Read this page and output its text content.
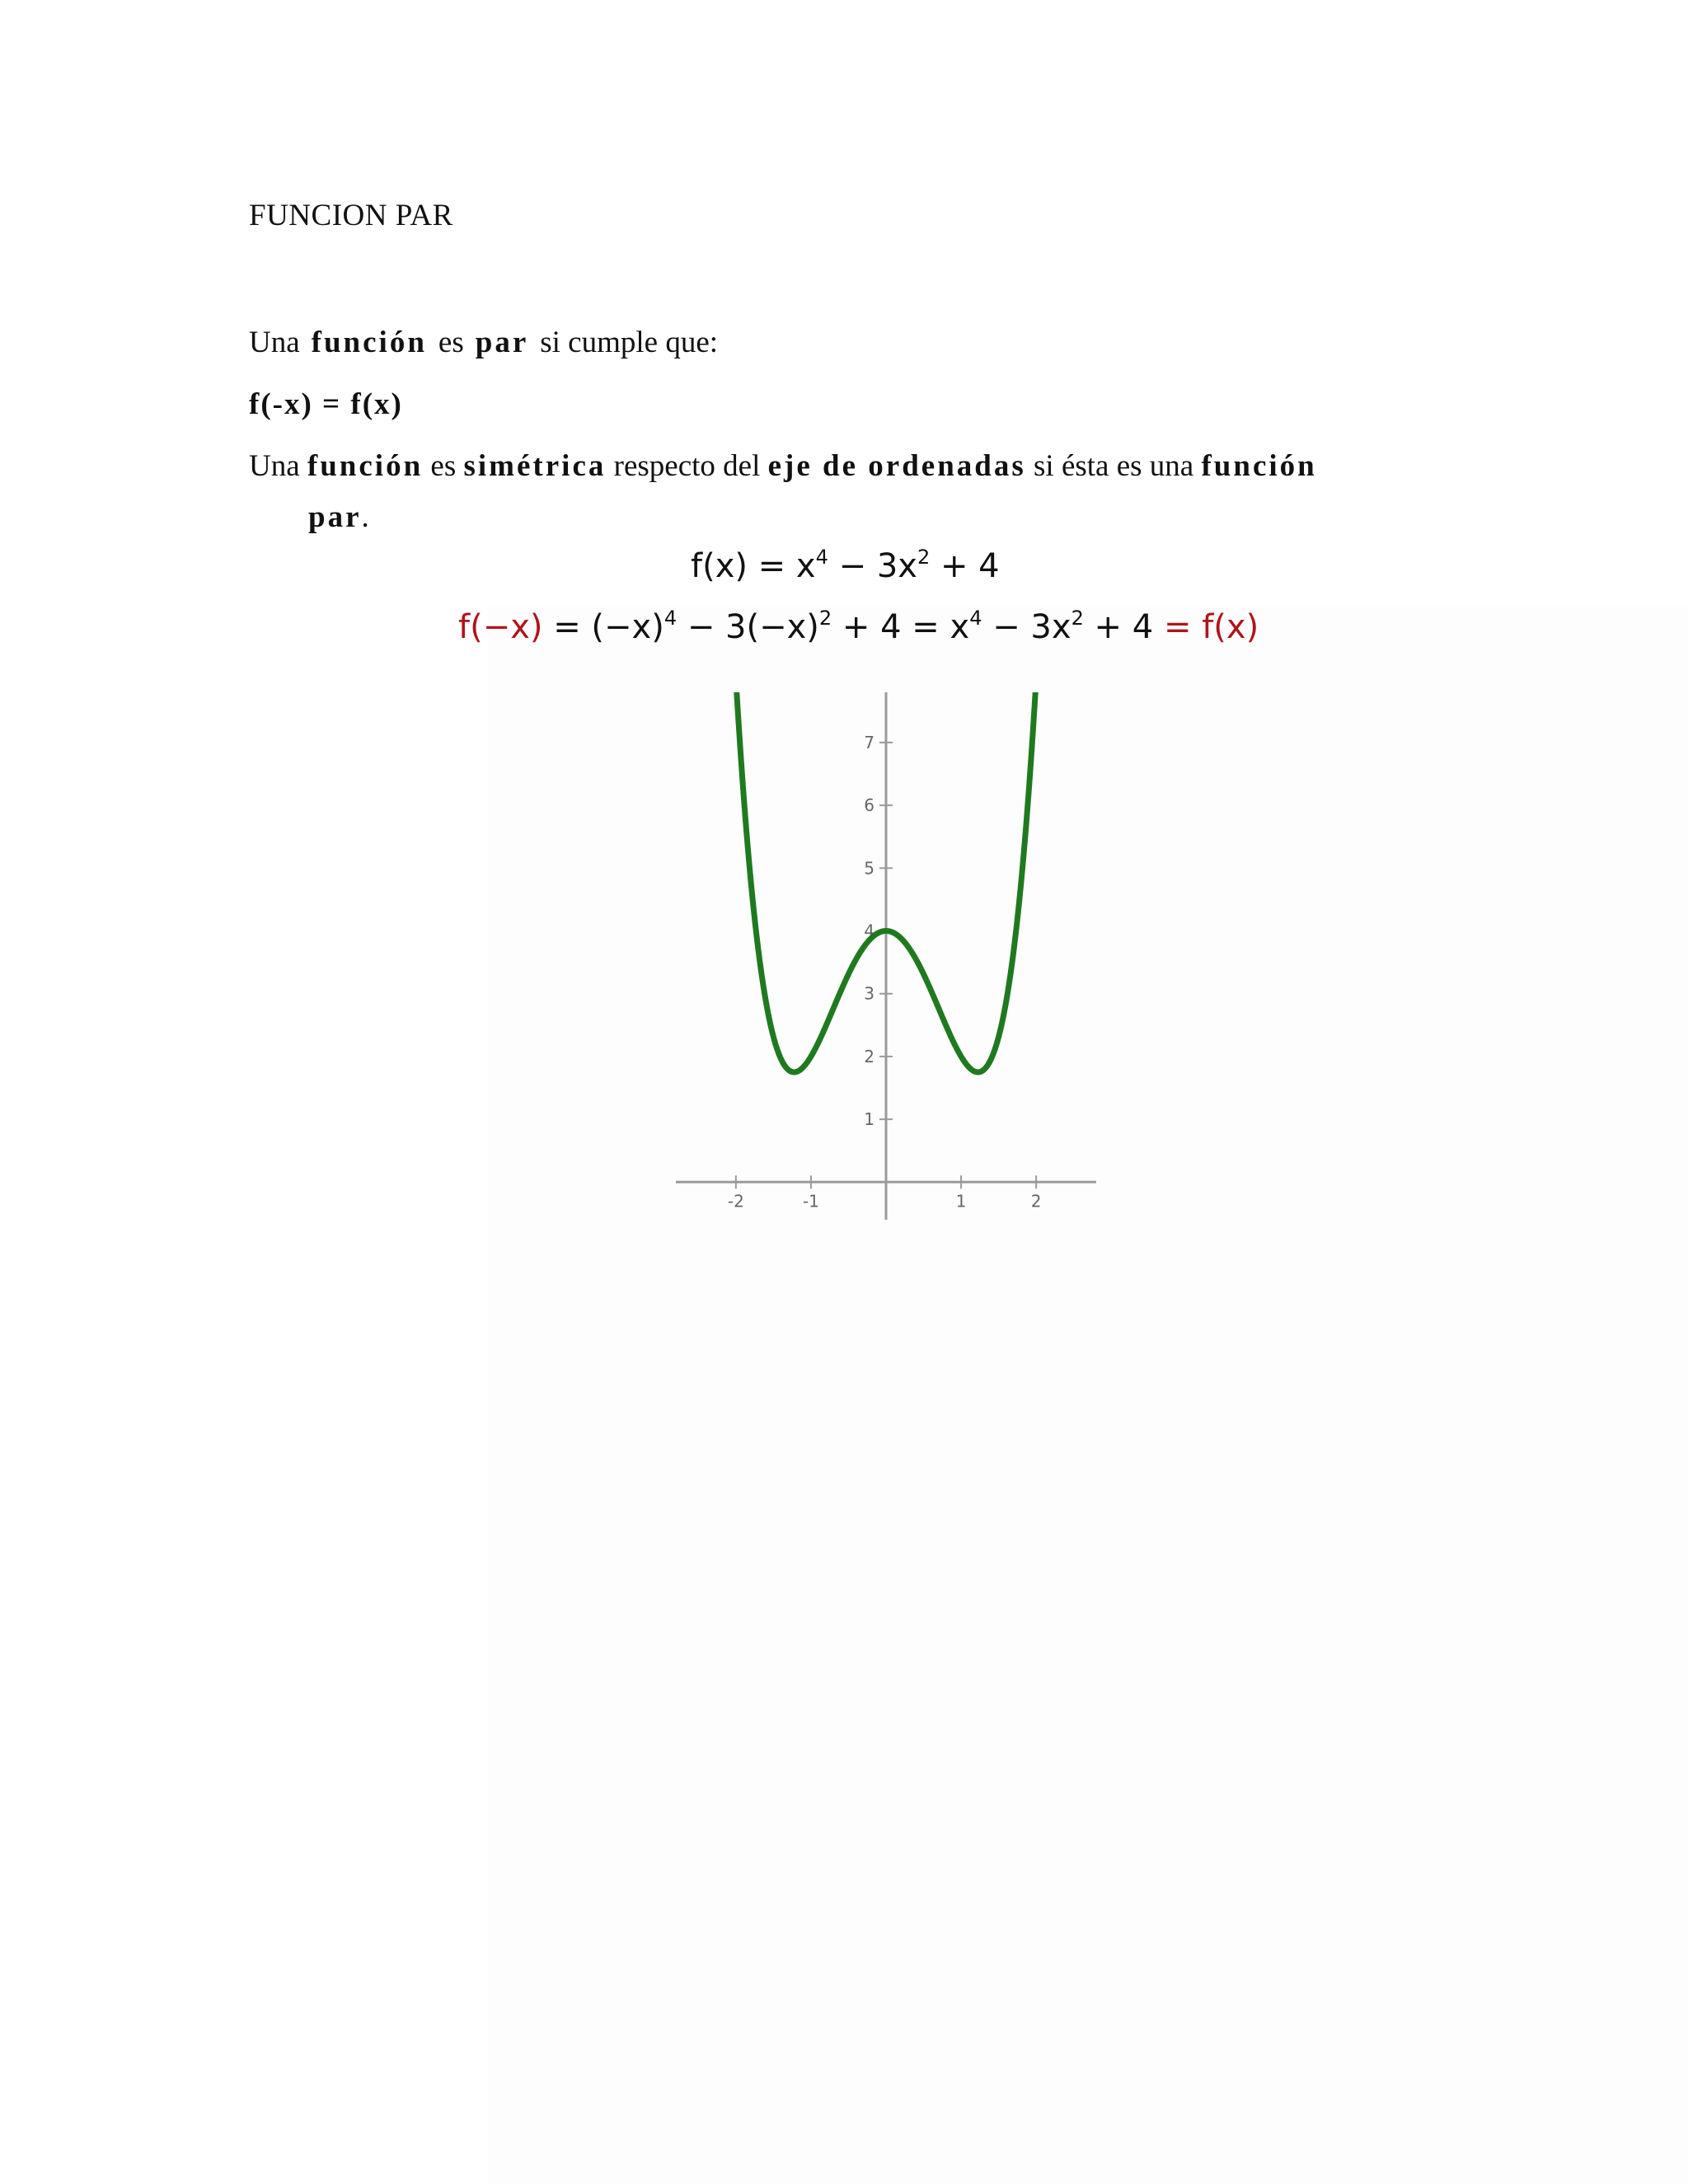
FUNCION PAR
Una función es par si cumple que:
f(-x) = f(x)
Una función es simétrica respecto del eje de ordenadas si ésta es una función
par.
$f(x) = x^4 - 3x^2 + 4$
$f(-x) = (-x)^4 - 3(-x)^2 + 4 = x^4 - 3x^2 + 4 = f(x)$
-2	-1	1	2
1
2
3
4
5
6
7
